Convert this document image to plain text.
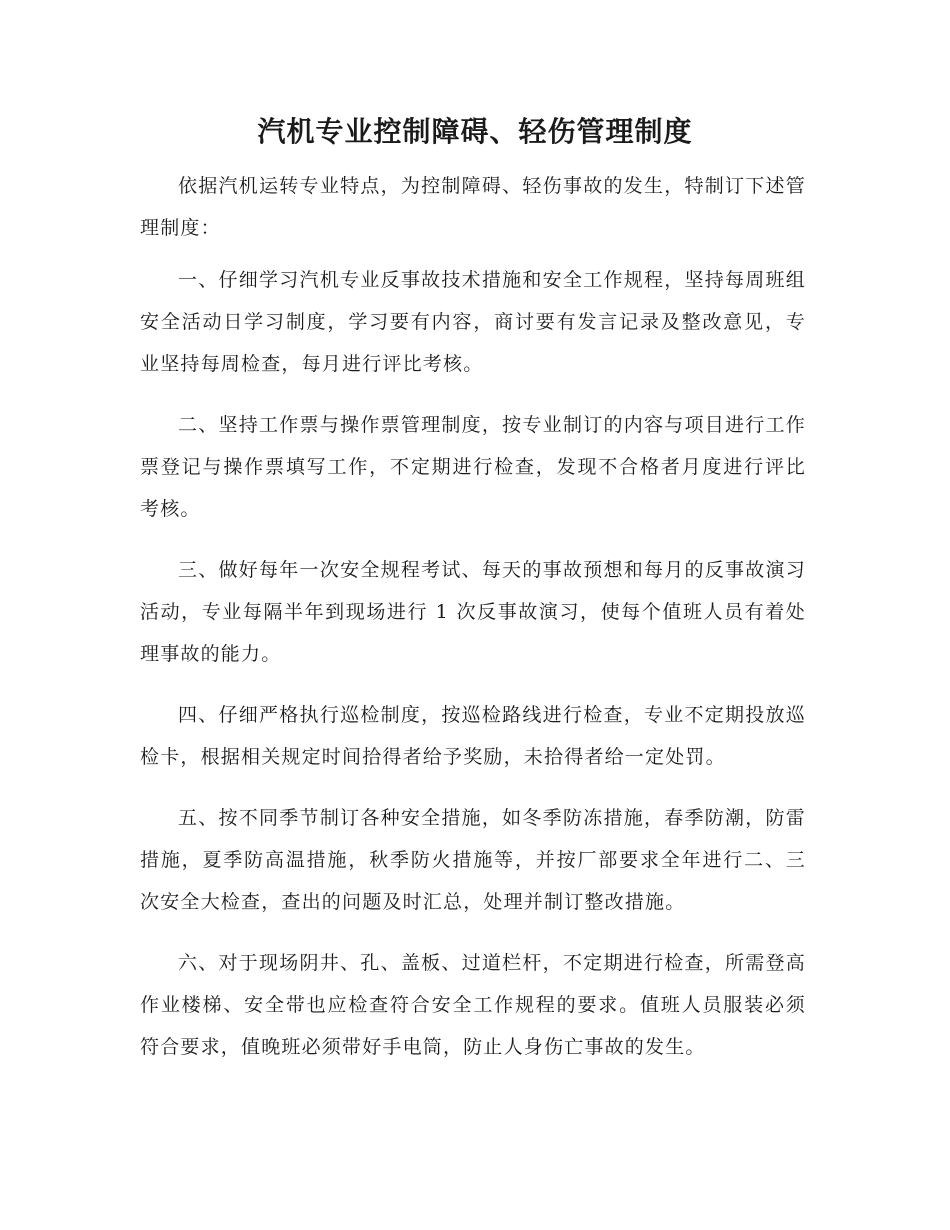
汽机专业控制障碍、轻伤管理制度

依据汽机运转专业特点，为控制障碍、轻伤事故的发生，特制订下述管理制度：

一、仔细学习汽机专业反事故技术措施和安全工作规程，坚持每周班组安全活动日学习制度，学习要有内容，商讨要有发言记录及整改意见，专业坚持每周检查，每月进行评比考核。

二、坚持工作票与操作票管理制度，按专业制订的内容与项目进行工作票登记与操作票填写工作，不定期进行检查，发现不合格者月度进行评比考核。

三、做好每年一次安全规程考试、每天的事故预想和每月的反事故演习活动，专业每隔半年到现场进行 1 次反事故演习，使每个值班人员有着处理事故的能力。

四、仔细严格执行巡检制度，按巡检路线进行检查，专业不定期投放巡检卡，根据相关规定时间拾得者给予奖励，未拾得者给一定处罚。

五、按不同季节制订各种安全措施，如冬季防冻措施，春季防潮，防雷措施，夏季防高温措施，秋季防火措施等，并按厂部要求全年进行二、三次安全大检查，查出的问题及时汇总，处理并制订整改措施。

六、对于现场阴井、孔、盖板、过道栏杆，不定期进行检查，所需登高作业楼梯、安全带也应检查符合安全工作规程的要求。值班人员服装必须符合要求，值晚班必须带好手电筒，防止人身伤亡事故的发生。
